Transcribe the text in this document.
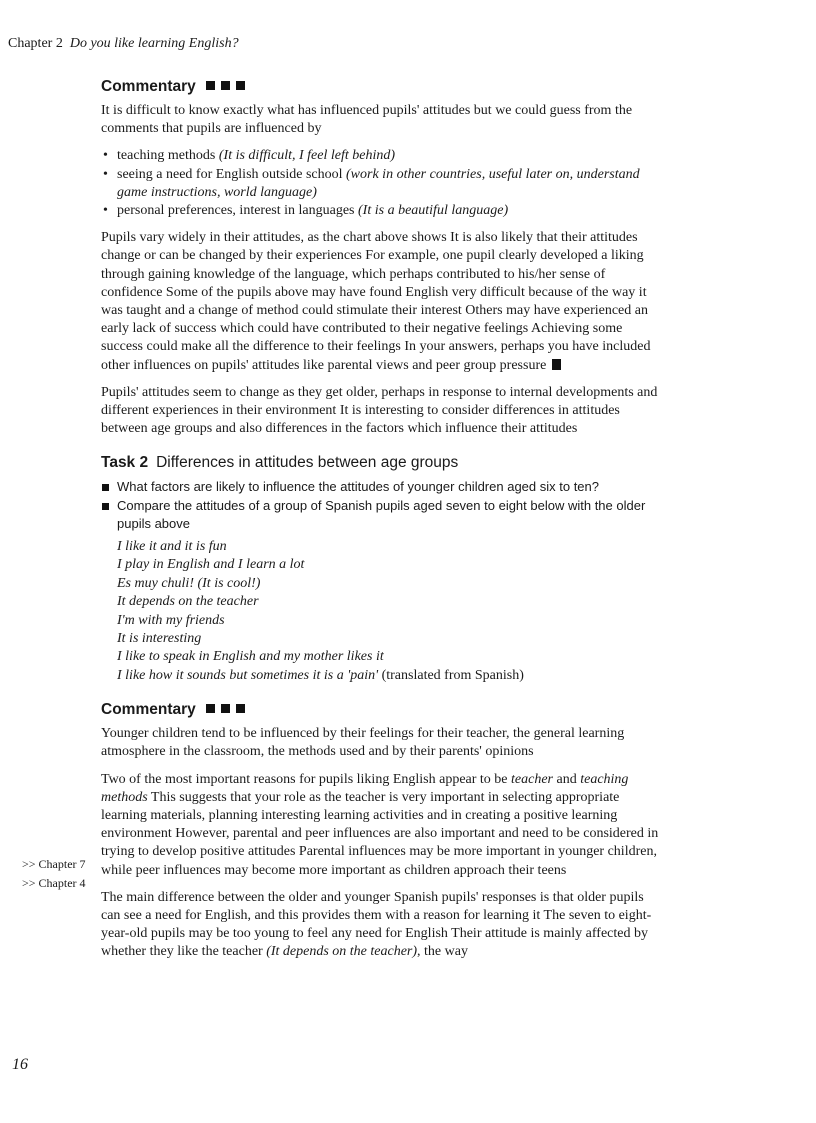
Chapter 2 Do you like learning English?
>> Chapter 7
>> Chapter 4
Commentary

It is difficult to know exactly what has influenced pupils' attitudes but we could guess from the comments that pupils are influenced by

• teaching methods (It is difficult, I feel left behind)
• seeing a need for English outside school (work in other countries, useful later on, understand game instructions, world language)
• personal preferences, interest in languages (It is a beautiful language)

Pupils vary widely in their attitudes, as the chart above shows It is also likely that their attitudes change or can be changed by their experiences For example, one pupil clearly developed a liking through gaining knowledge of the language, which perhaps contributed to his/her sense of confidence Some of the pupils above may have found English very difficult because of the way it was taught and a change of method could stimulate their interest Others may have experienced an early lack of success which could have contributed to their negative feelings Achieving some success could make all the difference to their feelings In your answers, perhaps you have included other influences on pupils' attitudes like parental views and peer group pressure

Pupils' attitudes seem to change as they get older, perhaps in response to internal developments and different experiences in their environment It is interesting to consider differences in attitudes between age groups and also differences in the factors which influence their attitudes

Task 2 Differences in attitudes between age groups
What factors are likely to influence the attitudes of younger children aged six to ten?
Compare the attitudes of a group of Spanish pupils aged seven to eight below with the older pupils above
I like it and it is fun
I play in English and I learn a lot
Es muy chuli! (It is cool!)
It depends on the teacher
I'm with my friends
It is interesting
I like to speak in English and my mother likes it
I like how it sounds but sometimes it is a 'pain' (translated from Spanish)
Commentary

Younger children tend to be influenced by their feelings for their teacher, the general learning atmosphere in the classroom, the methods used and by their parents' opinions

Two of the most important reasons for pupils liking English appear to be teacher and teaching methods This suggests that your role as the teacher is very important in selecting appropriate learning materials, planning interesting learning activities and in creating a positive learning environment However, parental and peer influences are also important and need to be considered in trying to develop positive attitudes Parental influences may be more important in younger children, while peer influences may become more important as children approach their teens

The main difference between the older and younger Spanish pupils' responses is that older pupils can see a need for English, and this provides them with a reason for learning it The seven to eight-year-old pupils may be too young to feel any need for English Their attitude is mainly affected by whether they like the teacher (It depends on the teacher), the way

16
